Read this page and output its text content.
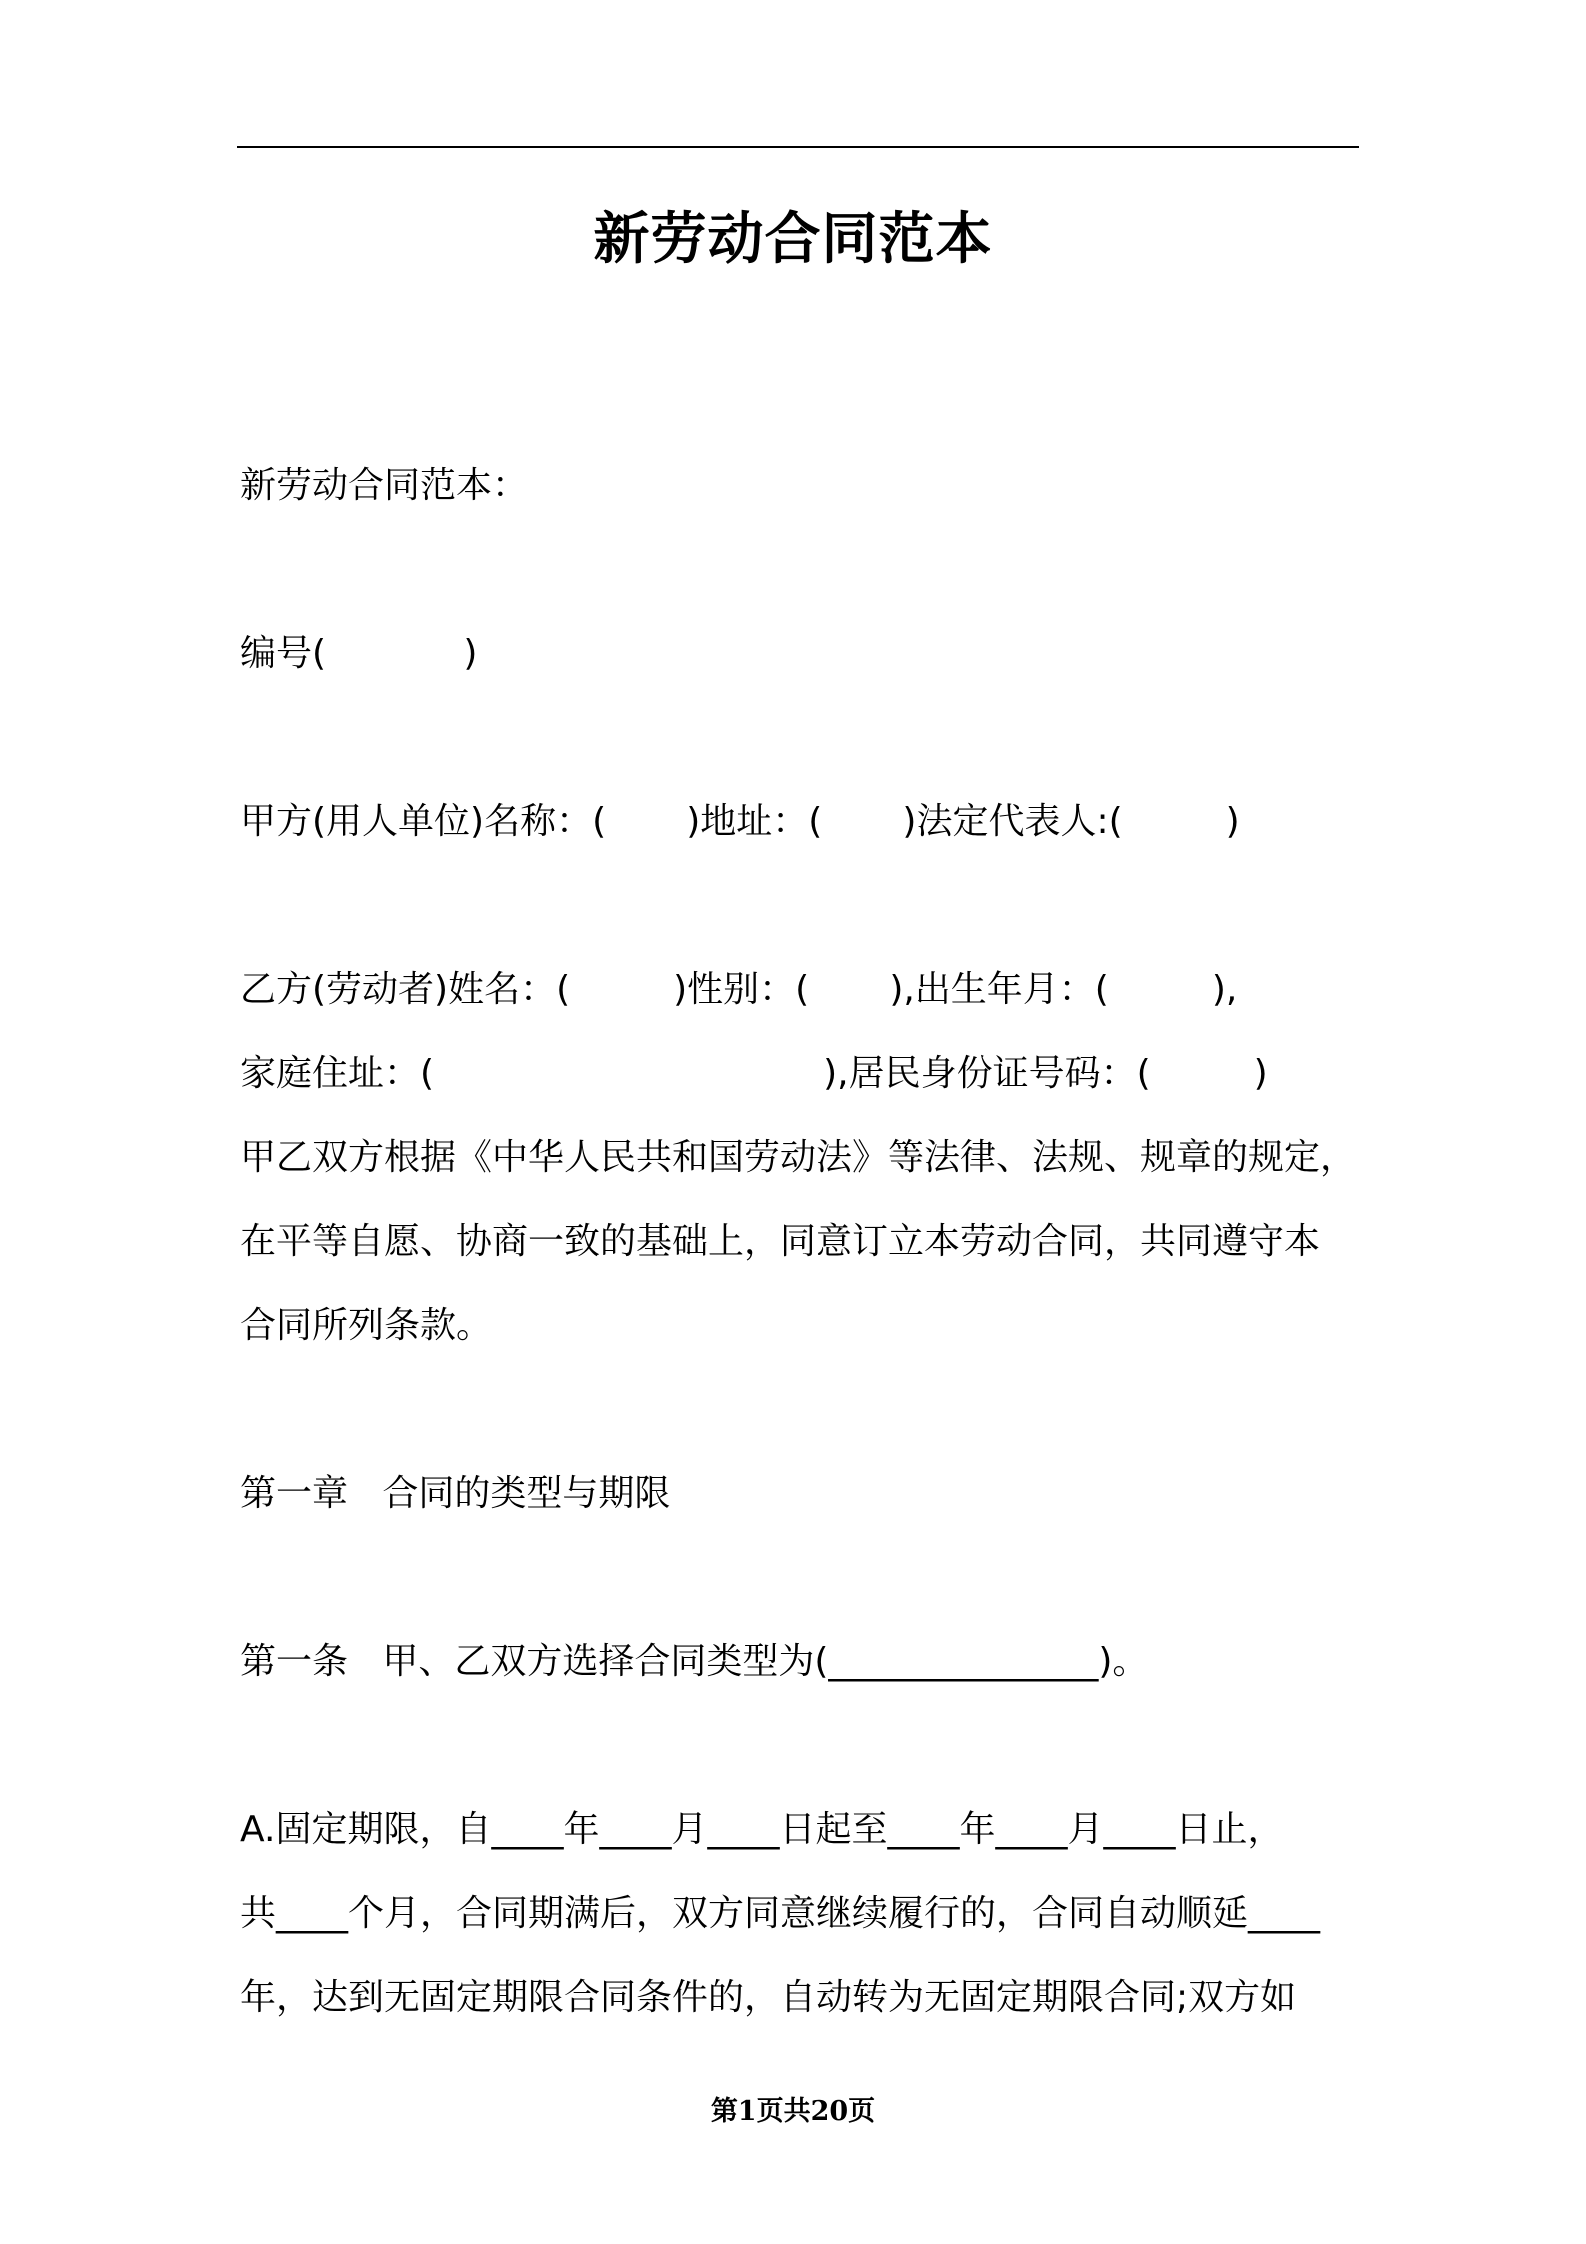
新劳动合同范本
新劳动合同范本：
编号(            )
甲方(用人单位)名称：(       )地址：(       )法定代表人:(         )
乙方(劳动者)姓名：(         )性别：(       ),出生年月：(         ),
家庭住址：(                                  ),居民身份证号码：(         )
甲乙双方根据《中华人民共和国劳动法》等法律、法规、规章的规定，
在平等自愿、协商一致的基础上，同意订立本劳动合同，共同遵守本
合同所列条款。
第一章   合同的类型与期限
第一条   甲、乙双方选择合同类型为(_______________)。
A.固定期限，自____年____月____日起至____年____月____日止，
共____个月，合同期满后，双方同意继续履行的，合同自动顺延____
年，达到无固定期限合同条件的，自动转为无固定期限合同;双方如
第1页共20页
